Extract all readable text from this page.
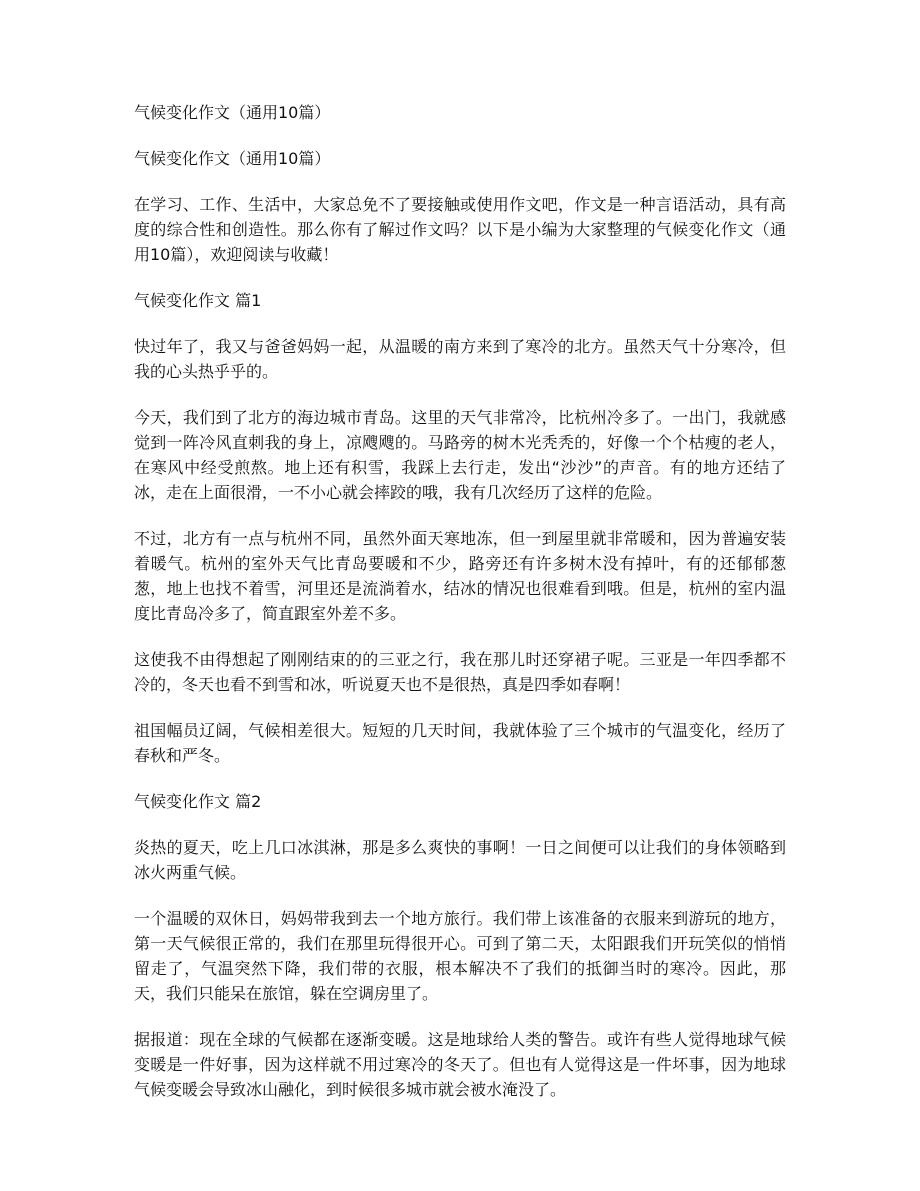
气候变化作文（通用10篇）
气候变化作文（通用10篇）
在学习、工作、生活中，大家总免不了要接触或使用作文吧，作文是一种言语活动，具有高度的综合性和创造性。那么你有了解过作文吗？以下是小编为大家整理的气候变化作文（通用10篇），欢迎阅读与收藏！
气候变化作文 篇1
快过年了，我又与爸爸妈妈一起，从温暖的南方来到了寒冷的北方。虽然天气十分寒冷，但我的心头热乎乎的。
今天，我们到了北方的海边城市青岛。这里的天气非常冷，比杭州冷多了。一出门，我就感觉到一阵冷风直刺我的身上，凉飕飕的。马路旁的树木光秃秃的，好像一个个枯瘦的老人，在寒风中经受煎熬。地上还有积雪，我踩上去行走，发出“沙沙”的声音。有的地方还结了冰，走在上面很滑，一不小心就会摔跤的哦，我有几次经历了这样的危险。
不过，北方有一点与杭州不同，虽然外面天寒地冻，但一到屋里就非常暖和，因为普遍安装着暖气。杭州的室外天气比青岛要暖和不少，路旁还有许多树木没有掉叶，有的还郁郁葱葱，地上也找不着雪，河里还是流淌着水，结冰的情况也很难看到哦。但是，杭州的室内温度比青岛冷多了，简直跟室外差不多。
这使我不由得想起了刚刚结束的的三亚之行，我在那儿时还穿裙子呢。三亚是一年四季都不冷的，冬天也看不到雪和冰，听说夏天也不是很热，真是四季如春啊！
祖国幅员辽阔，气候相差很大。短短的几天时间，我就体验了三个城市的气温变化，经历了春秋和严冬。
气候变化作文 篇2
炎热的夏天，吃上几口冰淇淋，那是多么爽快的事啊！一日之间便可以让我们的身体领略到冰火两重气候。
一个温暖的双休日，妈妈带我到去一个地方旅行。我们带上该准备的衣服来到游玩的地方，第一天气候很正常的，我们在那里玩得很开心。可到了第二天，太阳跟我们开玩笑似的悄悄留走了，气温突然下降，我们带的衣服，根本解决不了我们的抵御当时的寒冷。因此，那天，我们只能呆在旅馆，躲在空调房里了。
据报道：现在全球的气候都在逐渐变暖。这是地球给人类的警告。或许有些人觉得地球气候变暖是一件好事，因为这样就不用过寒冷的冬天了。但也有人觉得这是一件坏事，因为地球气候变暖会导致冰山融化，到时候很多城市就会被水淹没了。
